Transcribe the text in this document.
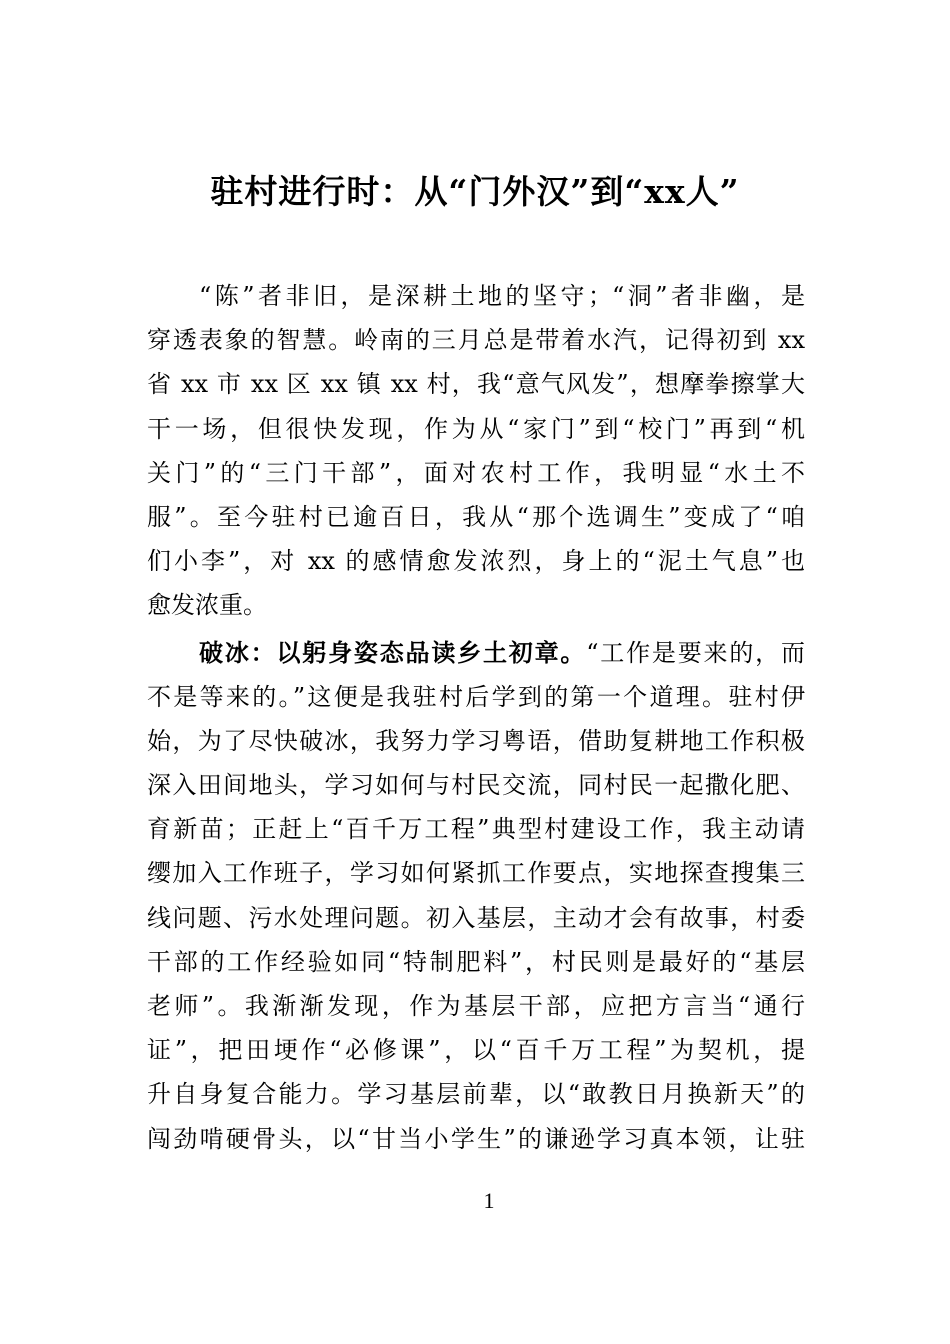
驻村进行时：从“门外汉”到“xx人”
“陈”者非旧，是深耕土地的坚守；“洞”者非幽，是
穿透表象的智慧。岭南的三月总是带着水汽，记得初到 xx
省 xx 市 xx 区 xx 镇 xx 村，我“意气风发”，想摩拳擦掌大
干一场，但很快发现，作为从“家门”到“校门”再到“机
关门”的“三门干部”，面对农村工作，我明显“水土不
服”。至今驻村已逾百日，我从“那个选调生”变成了“咱
们小李”，对 xx 的感情愈发浓烈，身上的“泥土气息”也
愈发浓重。
破冰：以躬身姿态品读乡土初章。“工作是要来的，而
不是等来的。”这便是我驻村后学到的第一个道理。驻村伊
始，为了尽快破冰，我努力学习粤语，借助复耕地工作积极
深入田间地头，学习如何与村民交流，同村民一起撒化肥、
育新苗；正赶上“百千万工程”典型村建设工作，我主动请
缨加入工作班子，学习如何紧抓工作要点，实地探查搜集三
线问题、污水处理问题。初入基层，主动才会有故事，村委
干部的工作经验如同“特制肥料”，村民则是最好的“基层
老师”。我渐渐发现，作为基层干部，应把方言当“通行
证”，把田埂作“必修课”，以“百千万工程”为契机，提
升自身复合能力。学习基层前辈，以“敢教日月换新天”的
闯劲啃硬骨头，以“甘当小学生”的谦逊学习真本领，让驻
1
